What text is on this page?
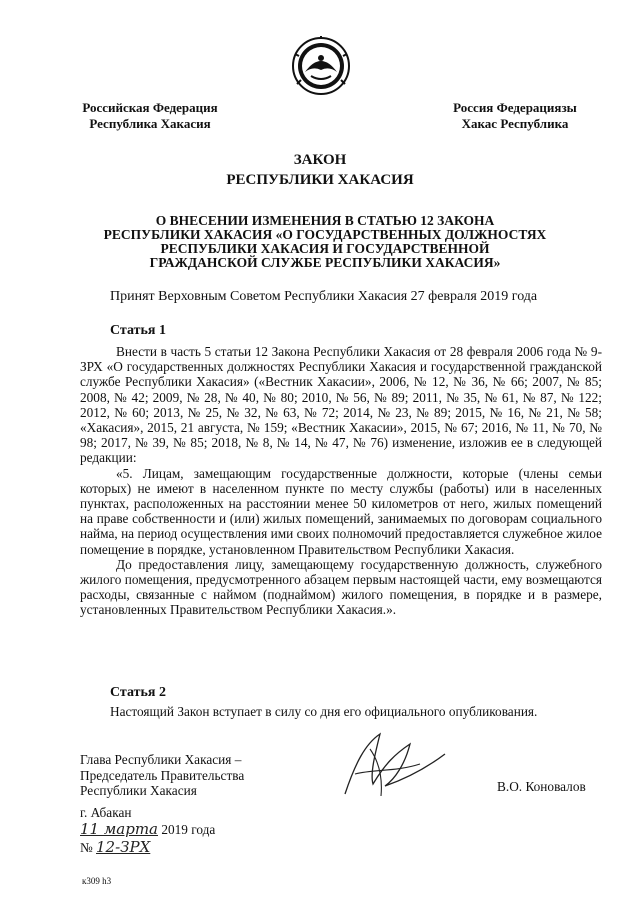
Российская Федерация
Республика Хакасия
Россия Федерациязы
Хакас Республика
ЗАКОН
РЕСПУБЛИКИ ХАКАСИЯ
О ВНЕСЕНИИ ИЗМЕНЕНИЯ В СТАТЬЮ 12 ЗАКОНА
РЕСПУБЛИКИ ХАКАСИЯ «О ГОСУДАРСТВЕННЫХ ДОЛЖНОСТЯХ
РЕСПУБЛИКИ ХАКАСИЯ И ГОСУДАРСТВЕННОЙ
ГРАЖДАНСКОЙ СЛУЖБЕ РЕСПУБЛИКИ ХАКАСИЯ»
Принят Верховным Советом Республики Хакасия 27 февраля 2019 года
Статья 1

Внести в часть 5 статьи 12 Закона Республики Хакасия от 28 февраля 2006 года № 9-ЗРХ «О государственных должностях Республики Хакасия и государственной гражданской службе Республики Хакасия» («Вестник Хакасии», 2006, № 12, № 36, № 66; 2007, № 85; 2008, № 42; 2009, № 28, № 40, № 80; 2010, № 56, № 89; 2011, № 35, № 61, № 87, № 122; 2012, № 60; 2013, № 25, № 32, № 63, № 72; 2014, № 23, № 89; 2015, № 16, № 21, № 58; «Хакасия», 2015, 21 августа, № 159; «Вестник Хакасии», 2015, № 67; 2016, № 11, № 70, № 98; 2017, № 39, № 85; 2018, № 8, № 14, № 47, № 76) изменение, изложив ее в следующей редакции:

«5. Лицам, замещающим государственные должности, которые (члены семьи которых) не имеют в населенном пункте по месту службы (работы) или в населенных пунктах, расположенных на расстоянии менее 50 километров от него, жилых помещений на праве собственности и (или) жилых помещений, занимаемых по договорам социального найма, на период осуществления ими своих полномочий предоставляется служебное жилое помещение в порядке, установленном Правительством Республики Хакасия.

До предоставления лицу, замещающему государственную должность, служебного жилого помещения, предусмотренного абзацем первым настоящей части, ему возмещаются расходы, связанные с наймом (поднаймом) жилого помещения, в порядке и в размере, установленных Правительством Республики Хакасия.».

Статья 2
Настоящий Закон вступает в силу со дня его официального опубликования.
Глава Республики Хакасия –
Председатель Правительства
Республики Хакасия	В.О. Коновалов
г. Абакан
11 марта 2019 года
№ 12-ЗРХ
к309 h3
